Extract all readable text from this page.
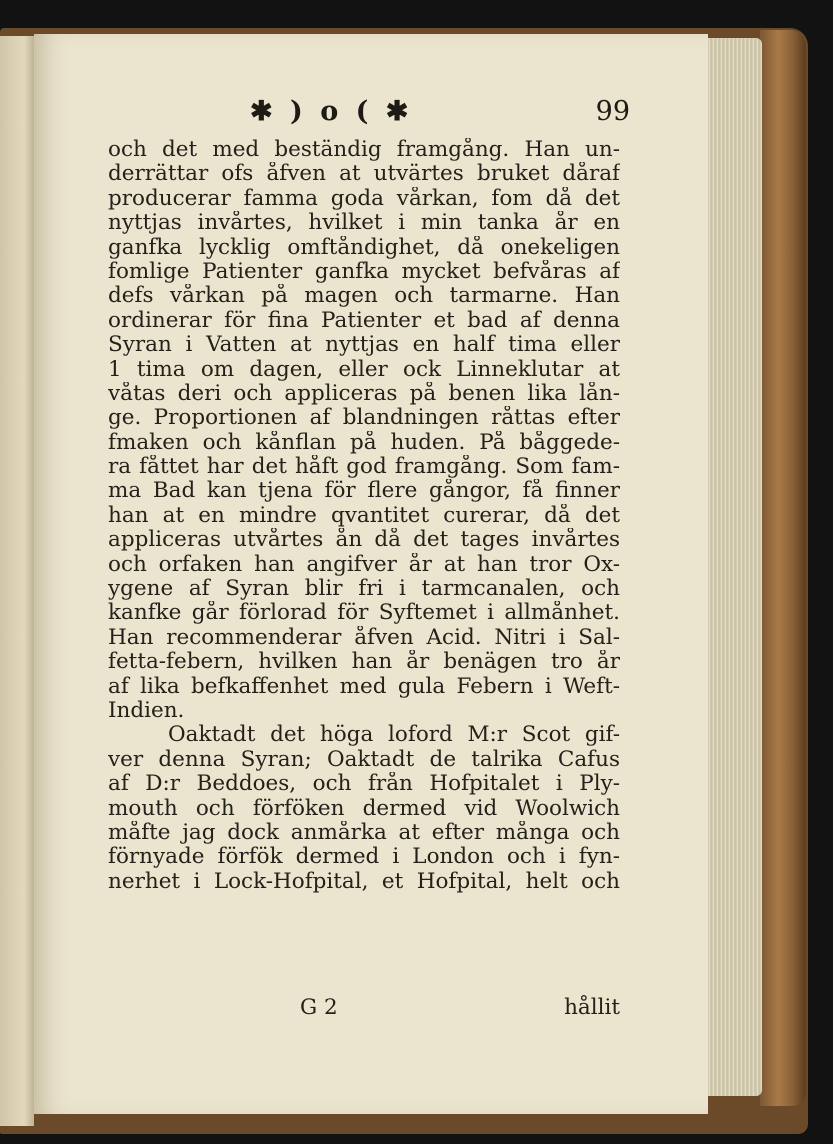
✱ ) o ( ✱	99
och det med beständig framgång. Han un-
derrättar ofs åfven at utvärtes bruket dåraf
producerar famma goda vårkan, fom då det
nyttjas invårtes, hvilket i min tanka år en
ganfka lycklig omftåndighet, då onekeligen
fomlige Patienter ganfka mycket befvåras af
defs vårkan på magen och tarmarne. Han
ordinerar för fina Patienter et bad af denna
Syran i Vatten at nyttjas en half tima eller
1 tima om dagen, eller ock Linneklutar at
våtas deri och appliceras på benen lika lån-
ge. Proportionen af blandningen råttas efter
fmaken och kånflan på huden. På båggede-
ra fåttet har det håft god framgång. Som fam-
ma Bad kan tjena för flere gångor, få finner
han at en mindre qvantitet curerar, då det
appliceras utvårtes ån då det tages invårtes
och orfaken han angifver år at han tror Ox-
ygene af Syran blir fri i tarmcanalen, och
kanfke går förlorad för Syftemet i allmånhet.
Han recommenderar åfven Acid. Nitri i Sal-
fetta-febern, hvilken han år benägen tro år
af lika befkaffenhet med gula Febern i Weft-
Indien.
Oaktadt det höga loford M:r Scot gif-
ver denna Syran; Oaktadt de talrika Cafus
af D:r Beddoes, och från Hofpitalet i Ply-
mouth och förföken dermed vid Woolwich
måfte jag dock anmårka at efter många och
förnyade förfök dermed i London och i fyn-
nerhet i Lock-Hofpital, et Hofpital, helt och
G 2	hållit
